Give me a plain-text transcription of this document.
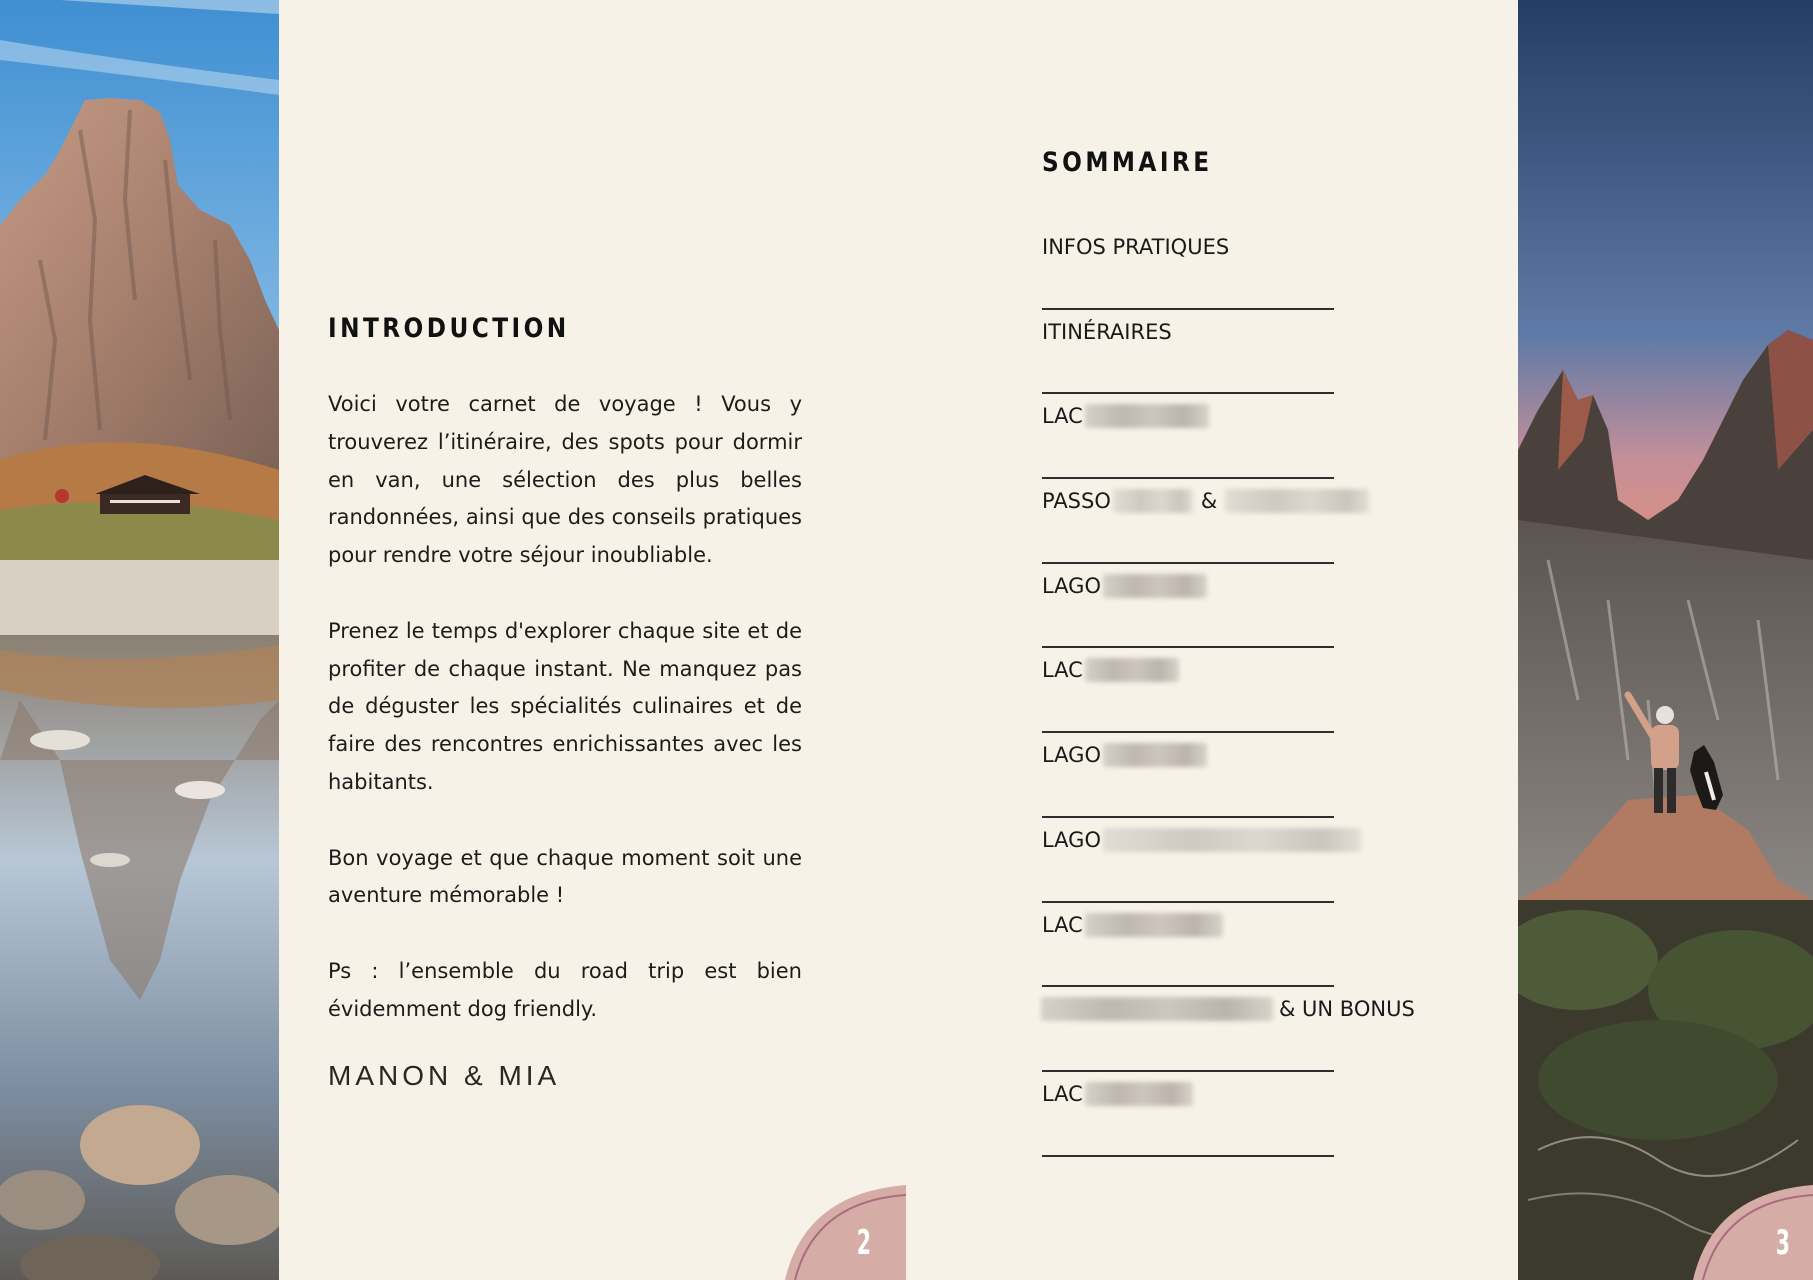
INTRODUCTION

Voici votre carnet de voyage ! Vous y trouverez l’itinéraire, des spots pour dormir en van, une sélection des plus belles randonnées, ainsi que des conseils pratiques pour rendre votre séjour inoubliable.

Prenez le temps d'explorer chaque site et de profiter de chaque instant. Ne manquez pas de déguster les spécialités culinaires et de faire des rencontres enrichissantes avec les habitants.

Bon voyage et que chaque moment soit une aventure mémorable !

Ps : l’ensemble du road trip est bien évidemment dog friendly.

MANON & MIA
SOMMAIRE
INFOS PRATIQUES
ITINÉRAIRES
LAC
PASSO	&
LAGO
LAC
LAGO
LAGO
LAC
& UN BONUS
LAC
2	3
